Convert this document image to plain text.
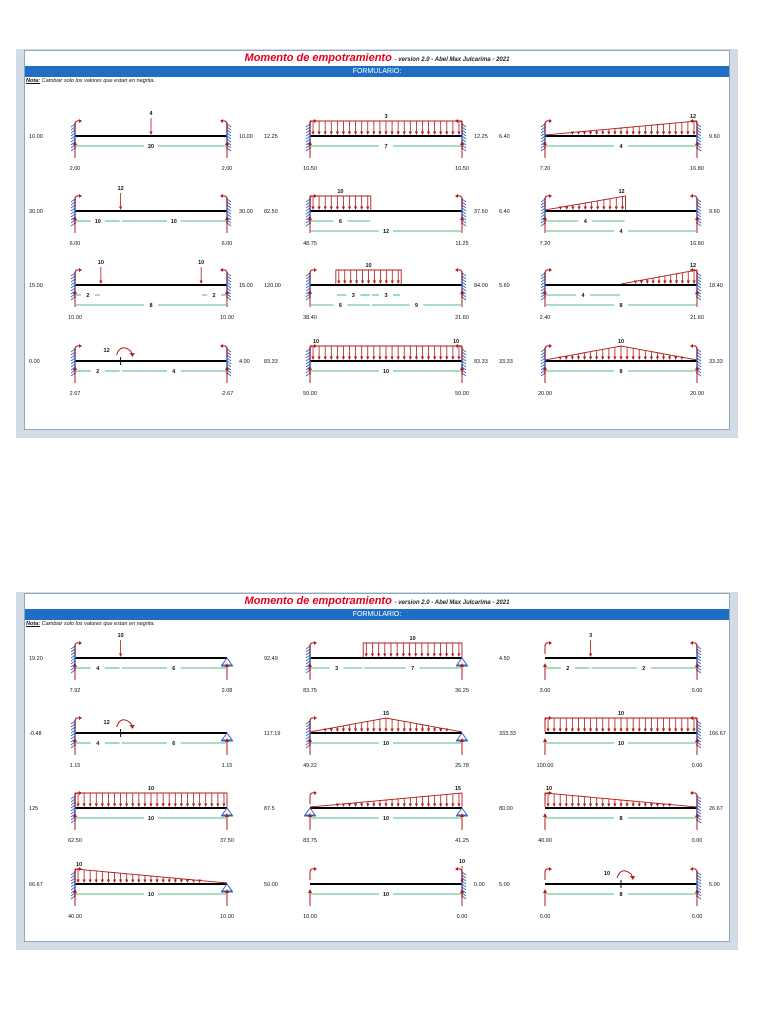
Momento de empotramiento - version 2.0 - Abel Max Julcarima - 2021
FORMULARIO:
Nota: Cambiar solo los valores que estan en negrita.
10.00	10.00
2.00	2.00
4
20
12.25	12.25
10.50	10.50
3
7
6.40	9.60
7.20	16.80
12
4
30.00	30.00
6.00	6.00
12
10	10
82.50	37.50
48.75	11.25
10
6
12
6.40	9.60
7.20	16.80
12
4
4
15.00	15.00
10.00	10.00
10	10
2	2
8
120.00	84.00
38.40	21.60
10
3	3
6	9
5.60	18.40
2.40	21.60
12
4
8
0.00	4.00
2.67	-2.67
12
2	4
83.33	83.33
50.00	50.00
10	10
10
33.33	33.33
20.00	20.00
10
8
Momento de empotramiento - version 2.0 - Abel Max Julcarima - 2021
FORMULARIO:
Nota: Cambiar solo los valores que estan en negrita.
19.20
7.92	2.08
10
4	6
92.49
83.75	36.25
10
3	7
4.50
3.00	0.00
3
2	2
-0.48
1.15	1.15
12
4	6
117.19
49.22	25.78
15
10
333.33	166.67
100.00	0.00
10
10
125
62.50	37.50
10
10
87.5
83.75	41.25
15
10
80.00	26.67
40.00	0.00
10
8
66.67
40.00	10.00
10
10
50.00	0.00
10.00	0.00
10
10
5.00	5.00
0.00	0.00
10
8
